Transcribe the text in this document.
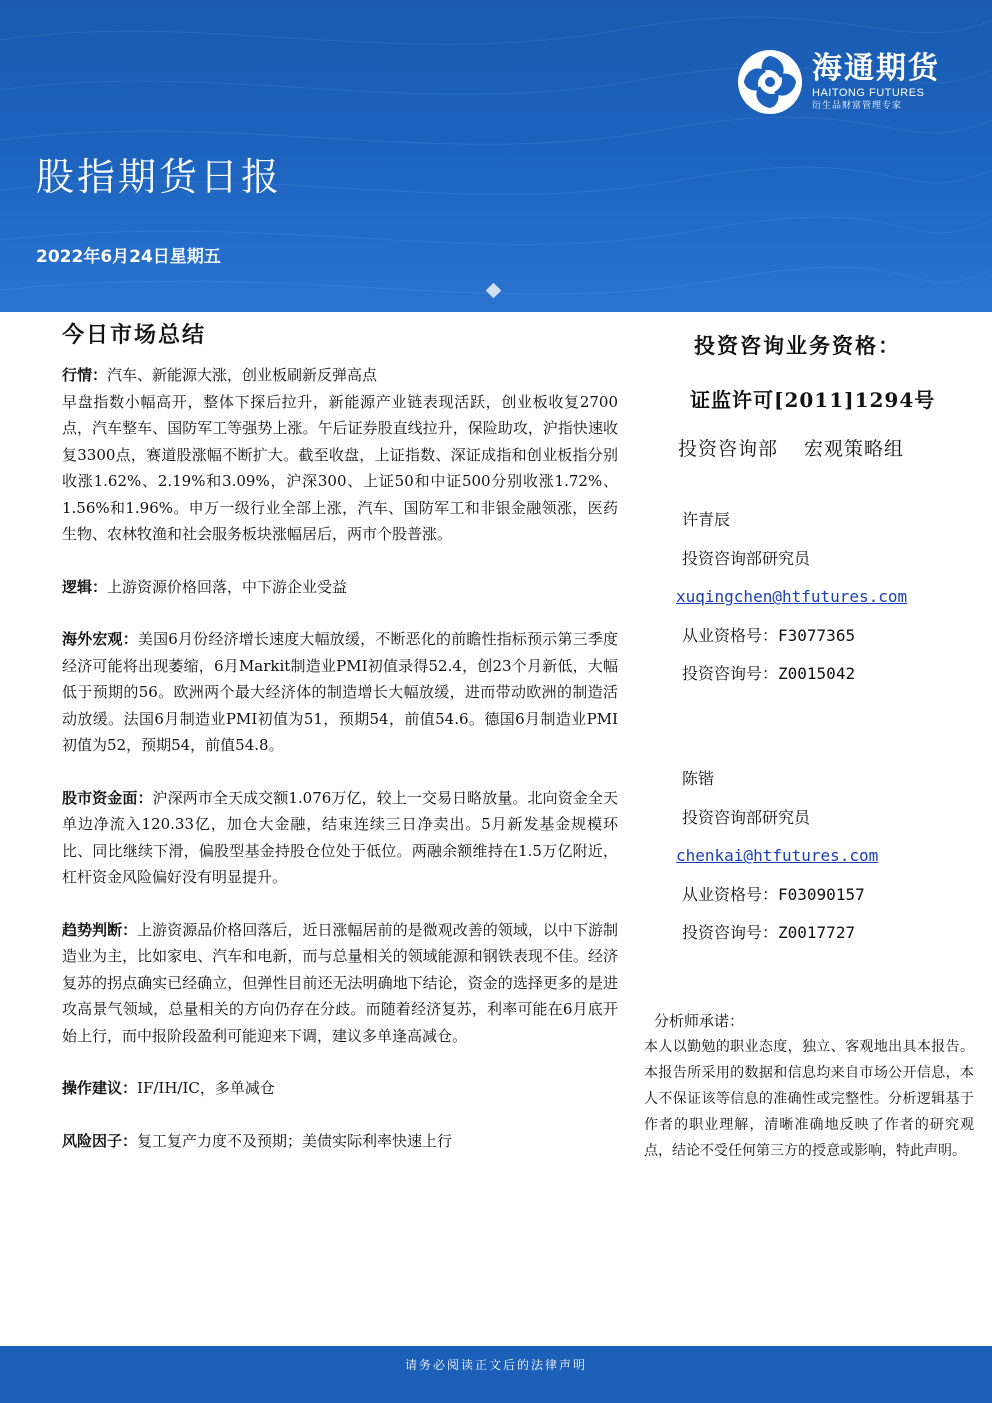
海通期货
HAITONG FUTURES
衍生品财富管理专家
股指期货日报
2022年6月24日星期五
今日市场总结
行情：汽车、新能源大涨，创业板刷新反弹高点
早盘指数小幅高开，整体下探后拉升，新能源产业链表现活跃，创业板收复2700点，汽车整车、国防军工等强势上涨。午后证券股直线拉升，保险助攻，沪指快速收复3300点，赛道股涨幅不断扩大。截至收盘，上证指数、深证成指和创业板指分别收涨1.62%、2.19%和3.09%，沪深300、上证50和中证500分别收涨1.72%、1.56%和1.96%。申万一级行业全部上涨，汽车、国防军工和非银金融领涨，医药生物、农林牧渔和社会服务板块涨幅居后，两市个股普涨。
逻辑：上游资源价格回落，中下游企业受益
海外宏观：美国6月份经济增长速度大幅放缓，不断恶化的前瞻性指标预示第三季度经济可能将出现萎缩，6月Markit制造业PMI初值录得52.4，创23个月新低，大幅低于预期的56。欧洲两个最大经济体的制造增长大幅放缓，进而带动欧洲的制造活动放缓。法国6月制造业PMI初值为51，预期54，前值54.6。德国6月制造业PMI初值为52，预期54，前值54.8。
股市资金面：沪深两市全天成交额1.076万亿，较上一交易日略放量。北向资金全天单边净流入120.33亿，加仓大金融，结束连续三日净卖出。5月新发基金规模环比、同比继续下滑，偏股型基金持股仓位处于低位。两融余额维持在1.5万亿附近，杠杆资金风险偏好没有明显提升。
趋势判断：上游资源品价格回落后，近日涨幅居前的是微观改善的领域，以中下游制造业为主，比如家电、汽车和电新，而与总量相关的领域能源和钢铁表现不佳。经济复苏的拐点确实已经确立，但弹性目前还无法明确地下结论，资金的选择更多的是进攻高景气领域，总量相关的方向仍存在分歧。而随着经济复苏，利率可能在6月底开始上行，而中报阶段盈利可能迎来下调，建议多单逢高减仓。
操作建议：IF/IH/IC，多单减仓
风险因子：复工复产力度不及预期；美债实际利率快速上行
投资咨询业务资格：
证监许可[2011]1294号
投资咨询部 宏观策略组
许青辰
投资咨询部研究员
xuqingchen@htfutures.com
从业资格号：F3077365
投资咨询号：Z0015042
陈锴
投资咨询部研究员
chenkai@htfutures.com
从业资格号：F03090157
投资咨询号：Z0017727
分析师承诺：
本人以勤勉的职业态度，独立、客观地出具本报告。本报告所采用的数据和信息均来自市场公开信息，本人不保证该等信息的准确性或完整性。分析逻辑基于作者的职业理解，清晰准确地反映了作者的研究观点，结论不受任何第三方的授意或影响，特此声明。
请务必阅读正文后的法律声明
